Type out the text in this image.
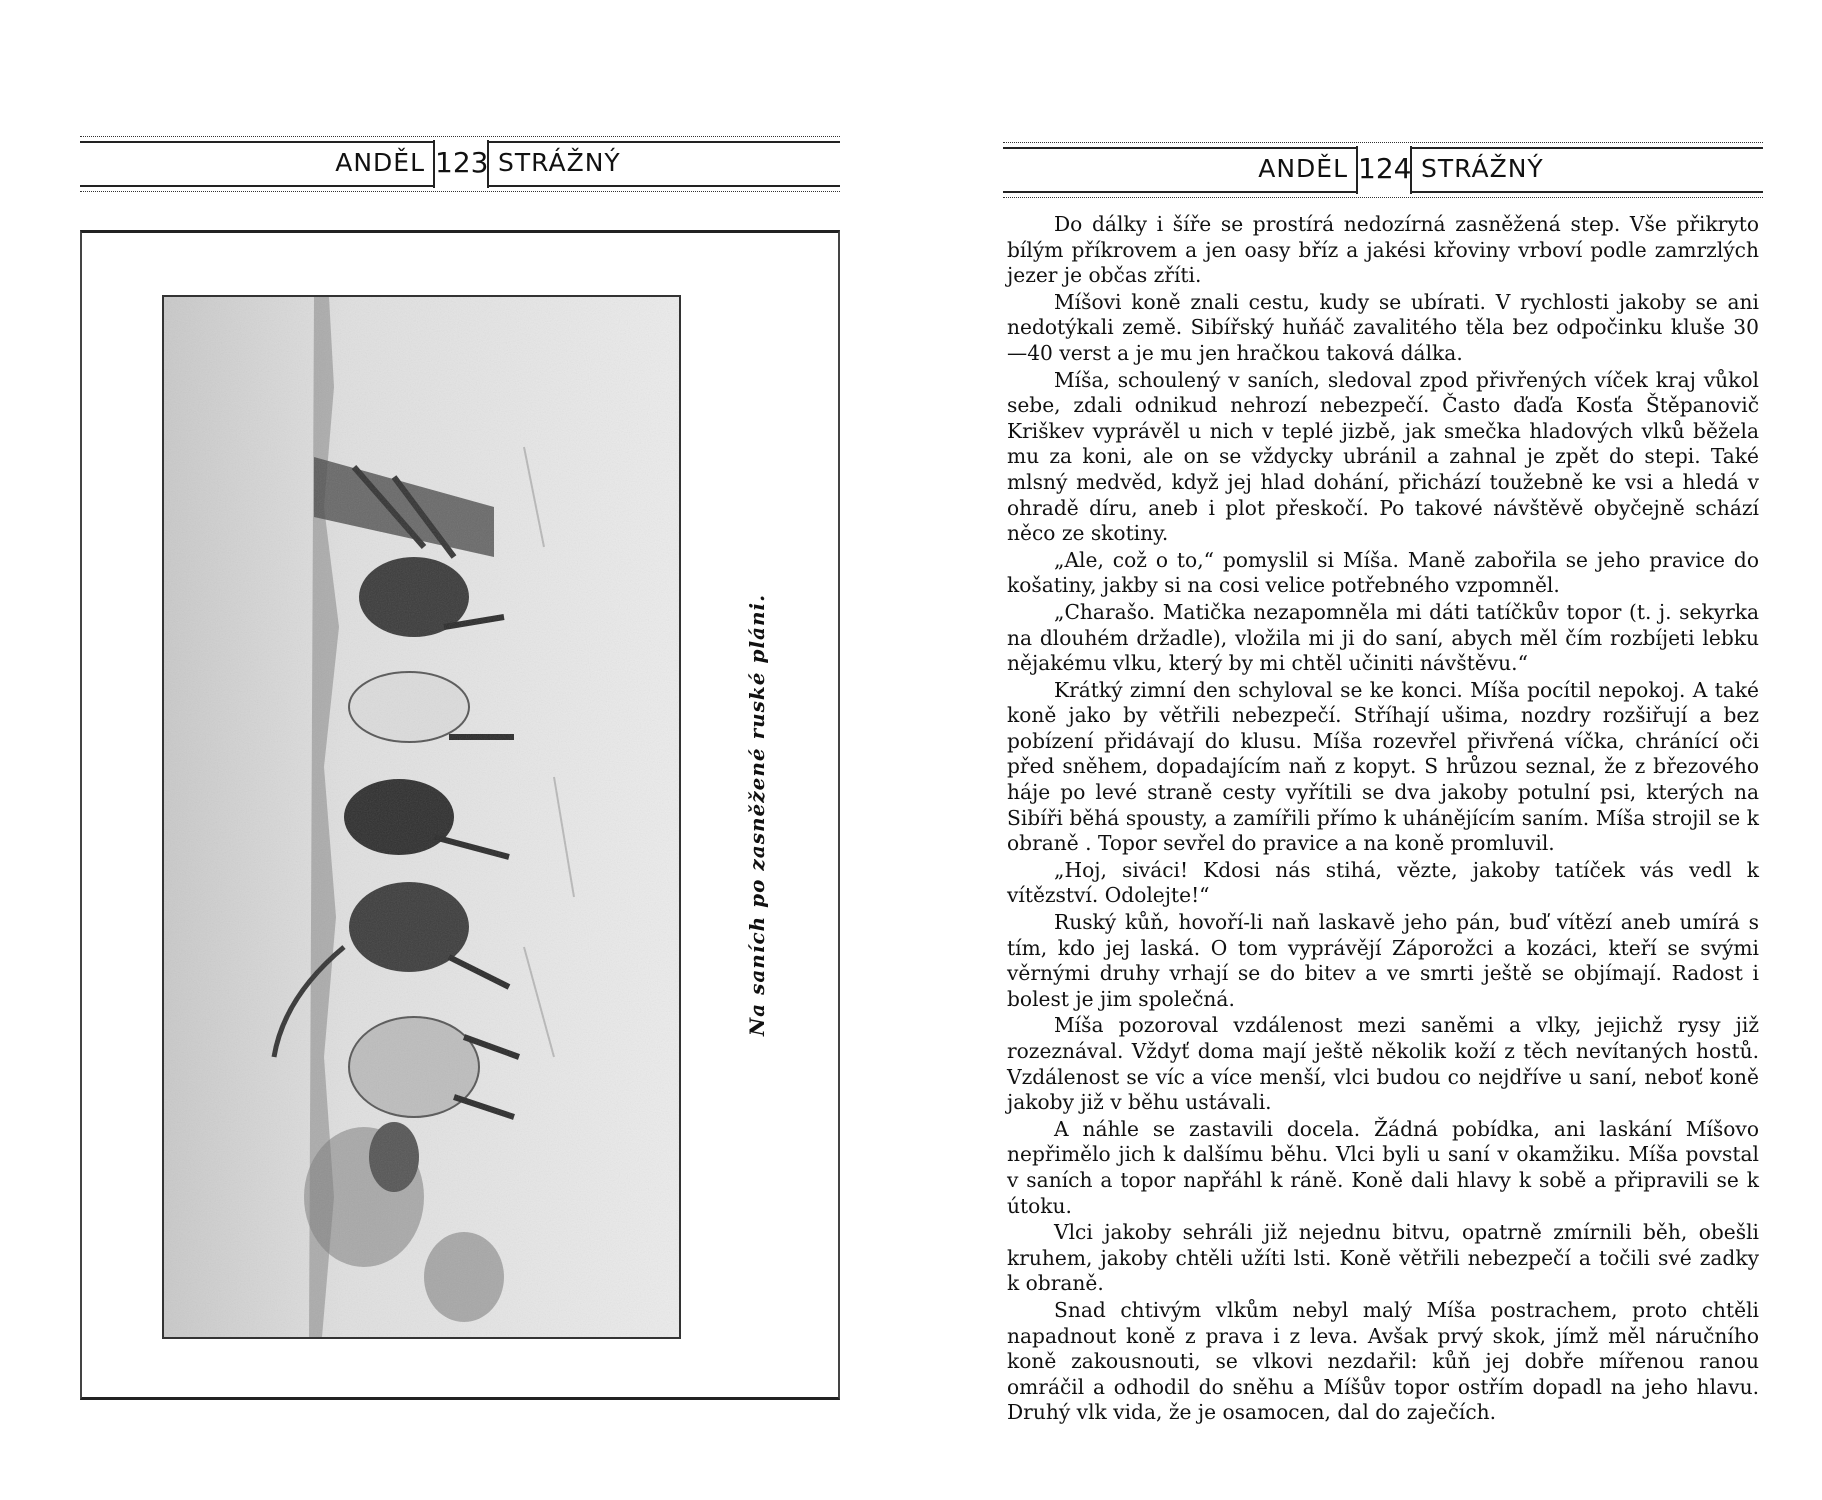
ANDĚL 123 STRÁŽNÝ
Na saních po zasněžené ruské pláni.
ANDĚL 124 STRÁŽNÝ

Do dálky i šíře se prostírá nedozírná zasněžená step. Vše přikryto bílým příkrovem a jen oasy bříz a jakési křoviny vrboví podle zamrzlých jezer je občas zříti.

Míšovi koně znali cestu, kudy se ubírati. V rychlosti jakoby se ani nedotýkali země. Sibířský huňáč zavalitého těla bez odpočinku kluše 30—40 verst a je mu jen hračkou taková dálka.

Míša, schoulený v saních, sledoval zpod přivřených víček kraj vůkol sebe, zdali odnikud nehrozí nebezpečí. Často ďaďa Kosťa Štěpanovič Kriškev vyprávěl u nich v teplé jizbě, jak smečka hladových vlků běžela mu za koni, ale on se vždycky ubránil a zahnal je zpět do stepi. Také mlsný medvěd, když jej hlad dohání, přichází toužebně ke vsi a hledá v ohradě díru, aneb i plot přeskočí. Po takové návštěvě obyčejně schází něco ze skotiny.

„Ale, což o to,“ pomyslil si Míša. Maně zabořila se jeho pravice do košatiny, jakby si na cosi velice potřebného vzpomněl.

„Charašo. Matička nezapomněla mi dáti tatíčkův topor (t. j. sekyrka na dlouhém držadle), vložila mi ji do saní, abych měl čím rozbíjeti lebku nějakému vlku, který by mi chtěl učiniti návštěvu.“

Krátký zimní den schyloval se ke konci. Míša pocítil nepokoj. A také koně jako by větřili nebezpečí. Stříhají ušima, nozdry rozšiřují a bez pobízení přidávají do klusu. Míša rozevřel přivřená víčka, chránící oči před sněhem, dopadajícím naň z kopyt. S hrůzou seznal, že z březového háje po levé straně cesty vyřítili se dva jakoby potulní psi, kterých na Sibíři běhá spousty, a zamířili přímo k uhánějícím saním. Míša strojil se k obraně . Topor sevřel do pravice a na koně promluvil.

„Hoj, siváci! Kdosi nás stihá, vězte, jakoby tatíček vás vedl k vítězství. Odolejte!“

Ruský kůň, hovoří-li naň laskavě jeho pán, buď vítězí aneb umírá s tím, kdo jej laská. O tom vyprávějí Záporožci a kozáci, kteří se svými věrnými druhy vrhají se do bitev a ve smrti ještě se objímají. Radost i bolest je jim společná.

Míša pozoroval vzdálenost mezi saněmi a vlky, jejichž rysy již rozeznával. Vždyť doma mají ještě několik koží z těch nevítaných hostů. Vzdálenost se víc a více menší, vlci budou co nejdříve u saní, neboť koně jakoby již v běhu ustávali.

A náhle se zastavili docela. Žádná pobídka, ani laskání Míšovo nepřimělo jich k dalšímu běhu. Vlci byli u saní v okamžiku. Míša povstal v saních a topor napřáhl k ráně. Koně dali hlavy k sobě a připravili se k útoku.

Vlci jakoby sehráli již nejednu bitvu, opatrně zmírnili běh, obešli kruhem, jakoby chtěli užíti lsti. Koně větřili nebezpečí a točili své zadky k obraně.

Snad chtivým vlkům nebyl malý Míša postrachem, proto chtěli napadnout koně z prava i z leva. Avšak prvý skok, jímž měl náručního koně zakousnouti, se vlkovi nezdařil: kůň jej dobře mířenou ranou omráčil a odhodil do sněhu a Míšův topor ostřím dopadl na jeho hlavu. Druhý vlk vida, že je osamocen, dal do zaječích.
